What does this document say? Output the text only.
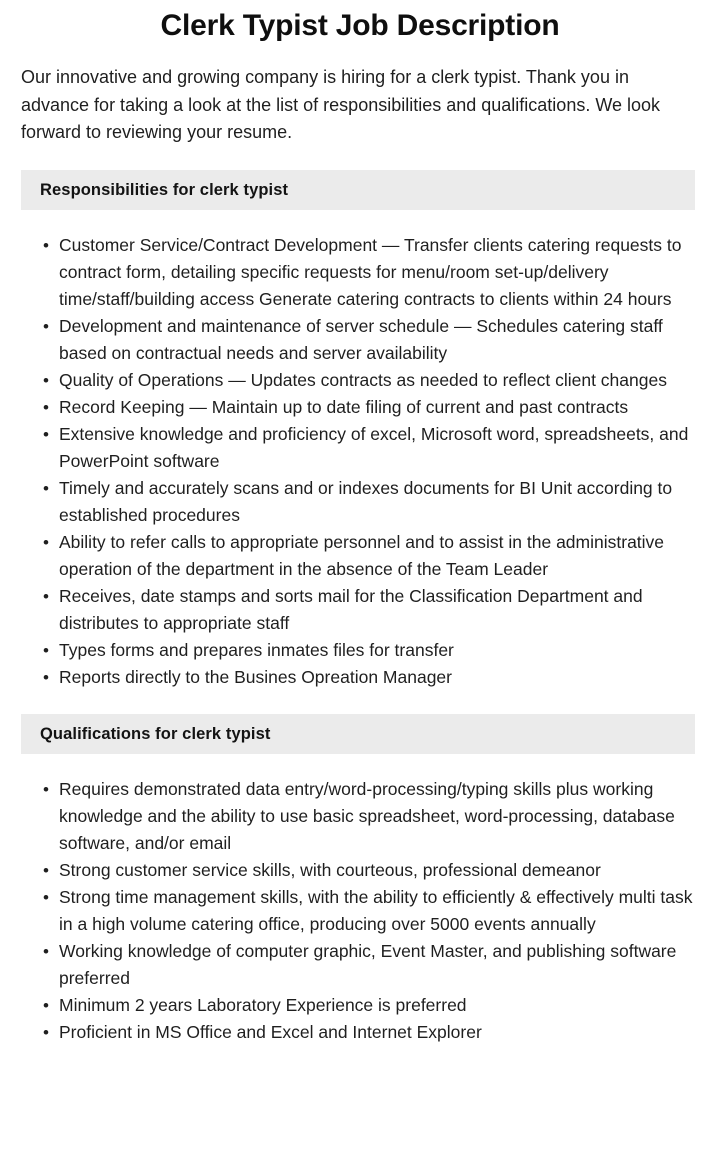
Clerk Typist Job Description

Our innovative and growing company is hiring for a clerk typist. Thank you in advance for taking a look at the list of responsibilities and qualifications. We look forward to reviewing your resume.

Responsibilities for clerk typist
• Customer Service/Contract Development — Transfer clients catering requests to contract form, detailing specific requests for menu/room set-up/delivery time/staff/building access Generate catering contracts to clients within 24 hours
• Development and maintenance of server schedule — Schedules catering staff based on contractual needs and server availability
• Quality of Operations — Updates contracts as needed to reflect client changes
• Record Keeping — Maintain up to date filing of current and past contracts
• Extensive knowledge and proficiency of excel, Microsoft word, spreadsheets, and PowerPoint software
• Timely and accurately scans and or indexes documents for BI Unit according to established procedures
• Ability to refer calls to appropriate personnel and to assist in the administrative operation of the department in the absence of the Team Leader
• Receives, date stamps and sorts mail for the Classification Department and distributes to appropriate staff
• Types forms and prepares inmates files for transfer
• Reports directly to the Busines Opreation Manager
Qualifications for clerk typist
• Requires demonstrated data entry/word-processing/typing skills plus working knowledge and the ability to use basic spreadsheet, word-processing, database software, and/or email
• Strong customer service skills, with courteous, professional demeanor
• Strong time management skills, with the ability to efficiently & effectively multi task in a high volume catering office, producing over 5000 events annually
• Working knowledge of computer graphic, Event Master, and publishing software preferred
• Minimum 2 years Laboratory Experience is preferred
• Proficient in MS Office and Excel and Internet Explorer
